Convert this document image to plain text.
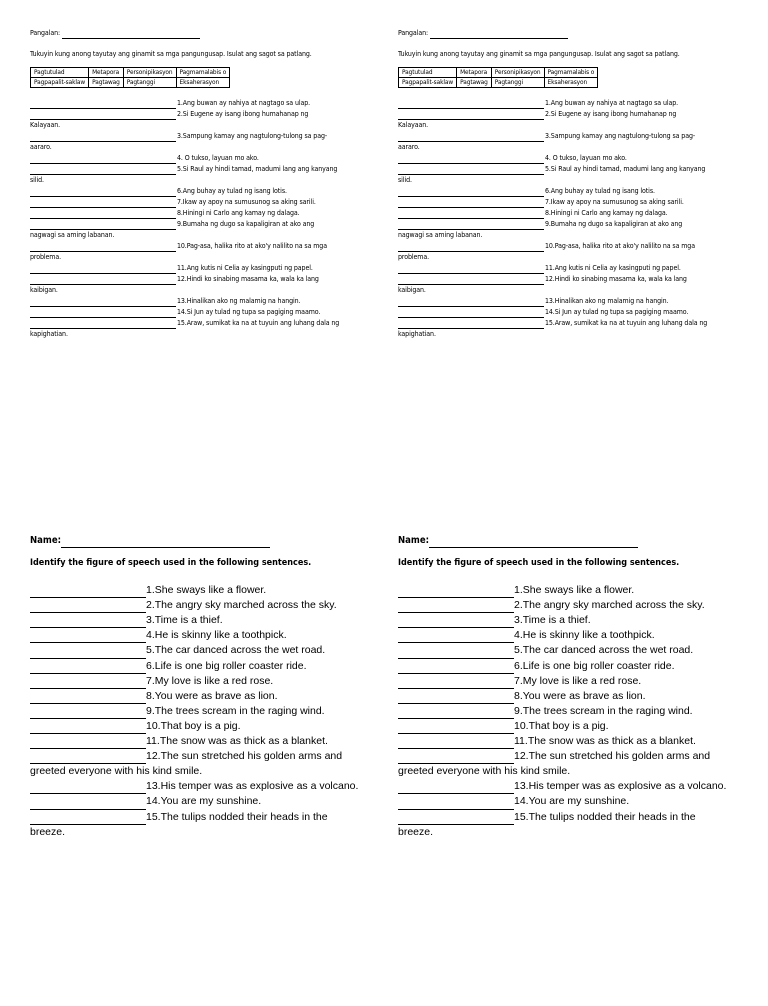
Pangalan:
Tukuyin kung anong tayutay ang ginamit sa mga pangungusap. Isulat ang sagot sa patlang.
Pagtutulad	Metapora	Personipikasyon	Pagmamalabis o
Pagpapalit-saklaw	Pagtawag	Pagtanggi	Eksaherasyon
1.Ang buwan ay nahiya at nagtago sa ulap.
2.Si Eugene ay isang ibong humahanap ng
Kalayaan.
3.Sampung kamay ang nagtulong-tulong sa pag-
aararo.
4. O tukso, layuan mo ako.
5.Si Raul ay hindi tamad, madumi lang ang kanyang
silid.
6.Ang buhay ay tulad ng isang lotis.
7.Ikaw ay apoy na sumusunog sa aking sarili.
8.Hiningi ni Carlo ang kamay ng dalaga.
9.Bumaha ng dugo sa kapaligiran at ako ang
nagwagi sa aming labanan.
10.Pag-asa, halika rito at ako'y nalilito na sa mga
problema.
11.Ang kutis ni Celia ay kasingputi ng papel.
12.Hindi ko sinabing masama ka, wala ka lang
kaibigan.
13.Hinalikan ako ng malamig na hangin.
14.Si Jun ay tulad ng tupa sa pagiging maamo.
15.Araw, sumikat ka na at tuyuin ang luhang dala ng
kapighatian.
Pangalan:
Tukuyin kung anong tayutay ang ginamit sa mga pangungusap. Isulat ang sagot sa patlang.
Pagtutulad	Metapora	Personipikasyon	Pagmamalabis o
Pagpapalit-saklaw	Pagtawag	Pagtanggi	Eksaherasyon
1.Ang buwan ay nahiya at nagtago sa ulap.
2.Si Eugene ay isang ibong humahanap ng
Kalayaan.
3.Sampung kamay ang nagtulong-tulong sa pag-
aararo.
4. O tukso, layuan mo ako.
5.Si Raul ay hindi tamad, madumi lang ang kanyang
silid.
6.Ang buhay ay tulad ng isang lotis.
7.Ikaw ay apoy na sumusunog sa aking sarili.
8.Hiningi ni Carlo ang kamay ng dalaga.
9.Bumaha ng dugo sa kapaligiran at ako ang
nagwagi sa aming labanan.
10.Pag-asa, halika rito at ako'y nalilito na sa mga
problema.
11.Ang kutis ni Celia ay kasingputi ng papel.
12.Hindi ko sinabing masama ka, wala ka lang
kaibigan.
13.Hinalikan ako ng malamig na hangin.
14.Si Jun ay tulad ng tupa sa pagiging maamo.
15.Araw, sumikat ka na at tuyuin ang luhang dala ng
kapighatian.
Name:
Identify the figure of speech used in the following sentences.
1.She sways like a flower.
2.The angry sky marched across the sky.
3.Time is a thief.
4.He is skinny like a toothpick.
5.The car danced across the wet road.
6.Life is one big roller coaster ride.
7.My love is like a red rose.
8.You were as brave as lion.
9.The trees scream in the raging wind.
10.That boy is a pig.
11.The snow was as thick as a blanket.
12.The sun stretched his golden arms and
greeted everyone with his kind smile.
13.His temper was as explosive as a volcano.
14.You are my sunshine.
15.The tulips nodded their heads in the
breeze.
Name:
Identify the figure of speech used in the following sentences.
1.She sways like a flower.
2.The angry sky marched across the sky.
3.Time is a thief.
4.He is skinny like a toothpick.
5.The car danced across the wet road.
6.Life is one big roller coaster ride.
7.My love is like a red rose.
8.You were as brave as lion.
9.The trees scream in the raging wind.
10.That boy is a pig.
11.The snow was as thick as a blanket.
12.The sun stretched his golden arms and
greeted everyone with his kind smile.
13.His temper was as explosive as a volcano.
14.You are my sunshine.
15.The tulips nodded their heads in the
breeze.
